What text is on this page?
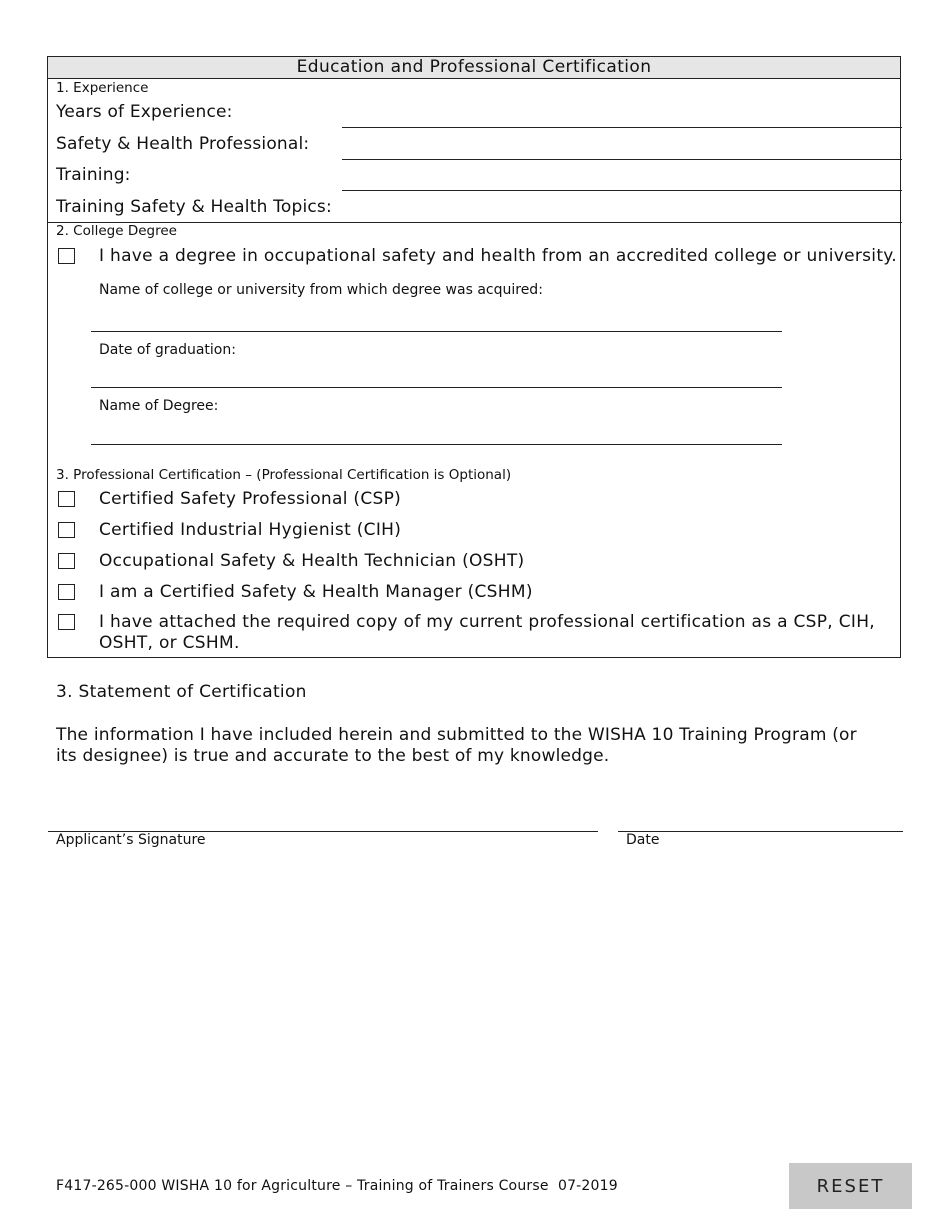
Education and Professional Certification
1. Experience
Years of Experience:
Safety & Health Professional:
Training:
Training Safety & Health Topics:
2. College Degree
I have a degree in occupational safety and health from an accredited college or university.
Name of college or university from which degree was acquired:
Date of graduation:
Name of Degree:
3. Professional Certification – (Professional Certification is Optional)
Certified Safety Professional (CSP)
Certified Industrial Hygienist (CIH)
Occupational Safety & Health Technician (OSHT)
I am a Certified Safety & Health Manager (CSHM)
I have attached the required copy of my current professional certification as a CSP, CIH, OSHT, or CSHM.
3. Statement of Certification
The information I have included herein and submitted to the WISHA 10 Training Program (or its designee) is true and accurate to the best of my knowledge.
Applicant’s Signature	Date
F417-265-000 WISHA 10 for Agriculture – Training of Trainers Course  07-2019	RESET
